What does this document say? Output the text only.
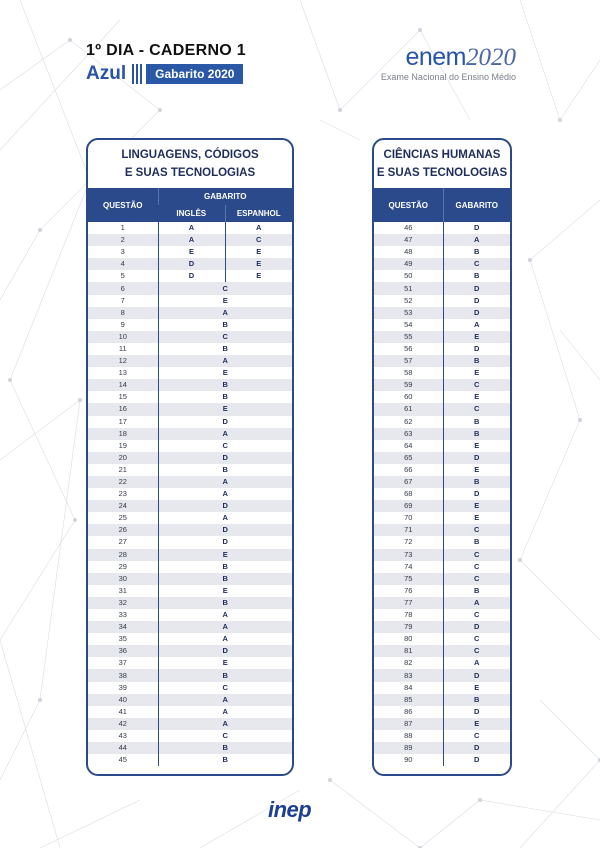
1º DIA - CADERNO 1
Azul	Gabarito 2020
enem2020
Exame Nacional do Ensino Médio
LINGUAGENS, CÓDIGOS
E SUAS TECNOLOGIAS
QUESTÃO	GABARITO	
	INGLÊS	ESPANHOL
1	A	A
2	A	C
3	E	E
4	D	E
5	D	E
6	C	
7	E	
8	A	
9	B	
10	C	
11	B	
12	A	
13	E	
14	B	
15	B	
16	E	
17	D	
18	A	
19	C	
20	D	
21	B	
22	A	
23	A	
24	D	
25	A	
26	D	
27	D	
28	E	
29	B	
30	B	
31	E	
32	B	
33	A	
34	A	
35	A	
36	D	
37	E	
38	B	
39	C	
40	A	
41	A	
42	A	
43	C	
44	B	
45	B	
CIÊNCIAS HUMANAS
E SUAS TECNOLOGIAS
QUESTÃO	GABARITO
46	D
47	A
48	B
49	C
50	B
51	D
52	D
53	D
54	A
55	E
56	D
57	B
58	E
59	C
60	E
61	C
62	B
63	B
64	E
65	D
66	E
67	B
68	D
69	E
70	E
71	C
72	B
73	C
74	C
75	C
76	B
77	A
78	C
79	D
80	C
81	C
82	A
83	D
84	E
85	B
86	D
87	E
88	C
89	D
90	D
inep
